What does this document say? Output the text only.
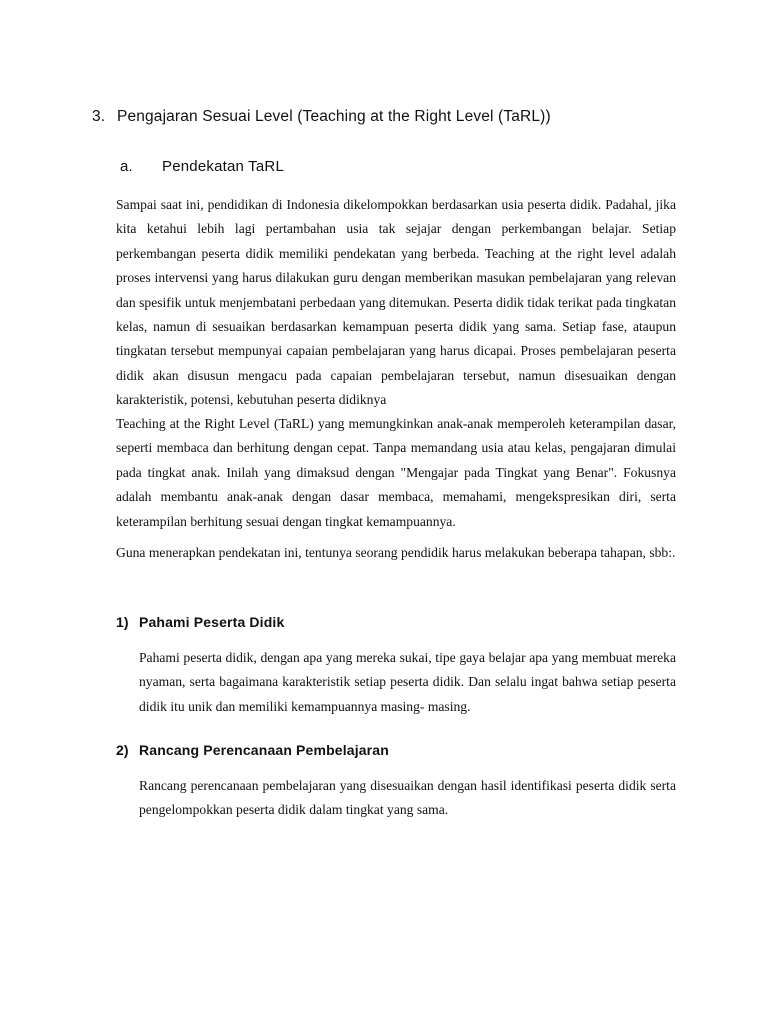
3. Pengajaran Sesuai Level (Teaching at the Right Level (TaRL))
a. Pendekatan TaRL

Sampai saat ini, pendidikan di Indonesia dikelompokkan berdasarkan usia peserta didik. Padahal, jika kita ketahui lebih lagi pertambahan usia tak sejajar dengan perkembangan belajar. Setiap perkembangan peserta didik memiliki pendekatan yang berbeda. Teaching at the right level adalah proses intervensi yang harus dilakukan guru dengan memberikan masukan pembelajaran yang relevan dan spesifik untuk menjembatani perbedaan yang ditemukan. Peserta didik tidak terikat pada tingkatan kelas, namun di sesuaikan berdasarkan kemampuan peserta didik yang sama. Setiap fase, ataupun tingkatan tersebut mempunyai capaian pembelajaran yang harus dicapai. Proses pembelajaran peserta didik akan disusun mengacu pada capaian pembelajaran tersebut, namun disesuaikan dengan karakteristik, potensi, kebutuhan peserta didiknya

Teaching at the Right Level (TaRL) yang memungkinkan anak-anak memperoleh keterampilan dasar, seperti membaca dan berhitung dengan cepat. Tanpa memandang usia atau kelas, pengajaran dimulai pada tingkat anak. Inilah yang dimaksud dengan "Mengajar pada Tingkat yang Benar". Fokusnya adalah membantu anak-anak dengan dasar membaca, memahami, mengekspresikan diri, serta keterampilan berhitung sesuai dengan tingkat kemampuannya.

Guna menerapkan pendekatan ini, tentunya seorang pendidik harus melakukan beberapa tahapan, sbb:.

1) Pahami Peserta Didik

Pahami peserta didik, dengan apa yang mereka sukai, tipe gaya belajar apa yang membuat mereka nyaman, serta bagaimana karakteristik setiap peserta didik. Dan selalu ingat bahwa setiap peserta didik itu unik dan memiliki kemampuannya masing- masing.

2) Rancang Perencanaan Pembelajaran

Rancang perencanaan pembelajaran yang disesuaikan dengan hasil identifikasi peserta didik serta pengelompokkan peserta didik dalam tingkat yang sama.
